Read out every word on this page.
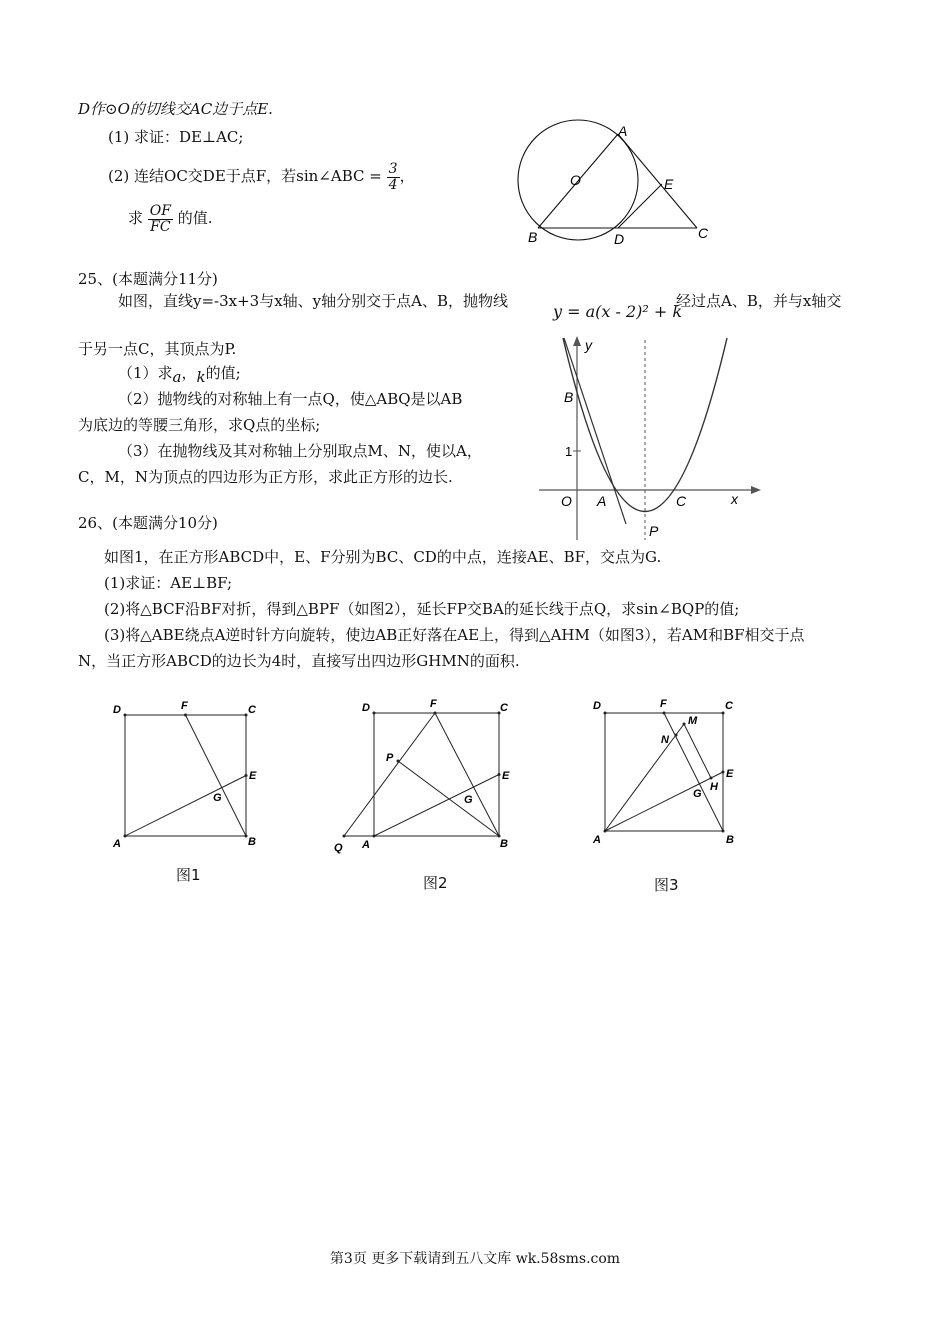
D作⊙O的切线交AC边于点E.
(1) 求证：DE⊥AC;
(2) 连结OC交DE于点F，若sin∠ABC = $\frac{3}{4}$ ，
求 $\frac{OF}{FC}$ 的值.
A
O	E
B	D	C
25、(本题满分11分)
如图，直线y=-3x+3与x轴、y轴分别交于点A、B，抛物线
y = a(x - 2)² + k
经过点A、B，并与x轴交
于另一点C，其顶点为P.
（1）求a，k的值;
（2）抛物线的对称轴上有一点Q，使△ABQ是以AB
为底边的等腰三角形，求Q点的坐标;
（3）在抛物线及其对称轴上分别取点M、N，使以A，
C，M，N为顶点的四边形为正方形，求此正方形的边长.
y
x
B
1
O A	C
P
26、(本题满分10分)
如图1，在正方形ABCD中，E、F分别为BC、CD的中点，连接AE、BF，交点为G.
(1)求证：AE⊥BF;
(2)将△BCF沿BF对折，得到△BPF（如图2），延长FP交BA的延长线于点Q，求sin∠BQP的值;
(3)将△ABE绕点A逆时针方向旋转，使边AB正好落在AE上，得到△AHM（如图3），若AM和BF相交于点
N，当正方形ABCD的边长为4时，直接写出四边形GHMN的面积.
D	F	C
E
G
A	B
图1
D	F	C
P
E
G
Q A	B
图2
D	F	C
M
N
E
H
G
A	B
图3
第3页 更多下载请到五八文库 wk.58sms.com
